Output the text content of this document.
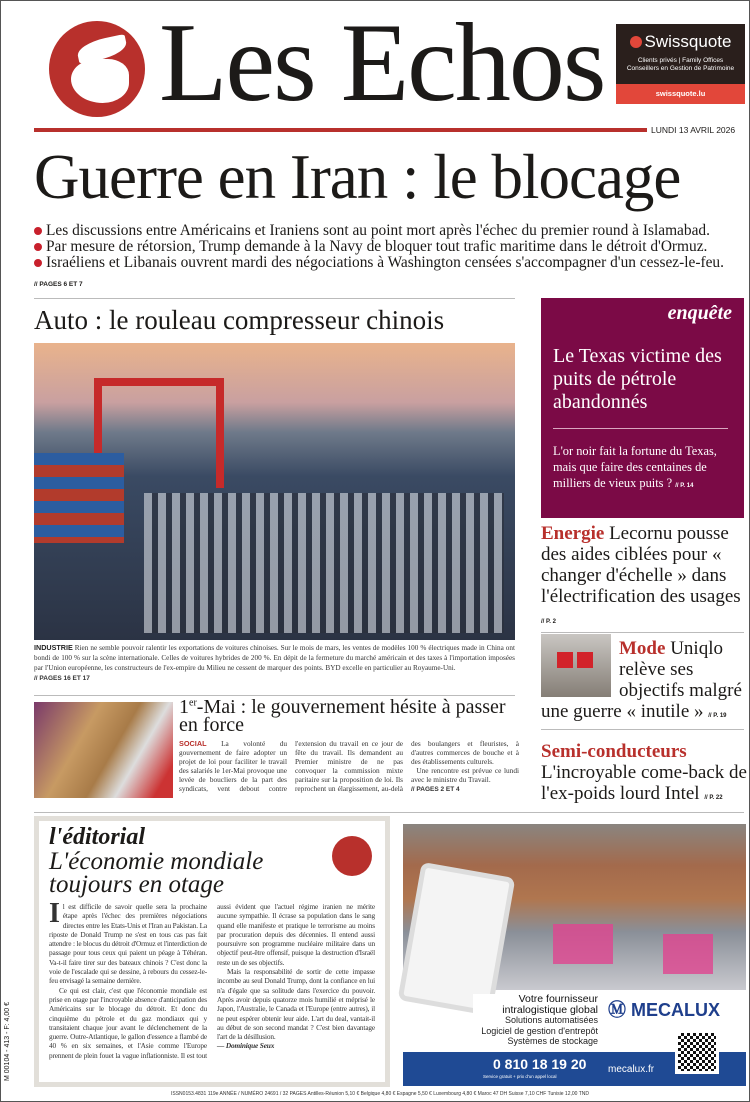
Les Echos	Swissquote
Clients privés | Family Offices
Conseillers en Gestion de Patrimoine
swissquote.lu
LUNDI 13 AVRIL 2026
Guerre en Iran : le blocage
Les discussions entre Américains et Iraniens sont au point mort après l'échec du premier round à Islamabad.
Par mesure de rétorsion, Trump demande à la Navy de bloquer tout trafic maritime dans le détroit d'Ormuz.
Israéliens et Libanais ouvrent mardi des négociations à Washington censées s'accompagner d'un cessez-le-feu.
// PAGES 6 ET 7
Auto : le rouleau compresseur chinois
INDUSTRIE Rien ne semble pouvoir ralentir les exportations de voitures chinoises. Sur le mois de mars, les ventes de modèles 100 % électriques made in China ont bondi de 100 % sur la scène internationale. Celles de voitures hybrides de 200 %. En dépit de la fermeture du marché américain et des taxes à l'importation imposées par l'Union européenne, les constructeurs de l'ex-empire du Milieu ne cessent de marquer des points. BYD excelle en particulier au Royaume-Uni.
// PAGES 16 ET 17
1er-Mai : le gouvernement hésite à passer en force
SOCIAL La volonté du gouvernement de faire adopter un projet de loi pour faciliter le travail des salariés le 1er-Mai provoque une levée de boucliers de la part des syndicats, vent debout contre l'extension du travail en ce jour de fête du travail. Ils demandent au Premier ministre de ne pas convoquer la commission mixte paritaire sur la proposition de loi. Ils reprochent un élargissement, au-delà des boulangers et fleuristes, à d'autres commerces de bouche et à des établissements culturels.
Une rencontre est prévue ce lundi avec le ministre du Travail.
// PAGES 2 ET 4
enquête
Le Texas victime des puits de pétrole abandonnés
L'or noir fait la fortune du Texas, mais que faire des centaines de milliers de vieux puits ? // P. 14
Energie Lecornu pousse des aides ciblées pour « changer d'échelle » dans l'électrification des usages // P. 2
Mode Uniqlo relève ses objectifs malgré une guerre « inutile » // P. 19
Semi-conducteurs
L'incroyable come-back de l'ex-poids lourd Intel // P. 22
l'éditorial
L'économie mondiale toujours en otage

Il est difficile de savoir quelle sera la prochaine étape après l'échec des premières négociations directes entre les Etats-Unis et l'Iran au Pakistan. La riposte de Donald Trump ne s'est en tous cas pas fait attendre : le blocus du détroit d'Ormuz et l'interdiction de passage pour tous ceux qui paient un péage à Téhéran. Va-t-il faire tirer sur des bateaux chinois ? C'est donc la voie de l'escalade qui se dessine, à rebours du cessez-le-feu envisagé la semaine dernière.

Ce qui est clair, c'est que l'économie mondiale est prise en otage par l'incroyable absence d'anticipation des Américains sur le blocage du détroit. Et donc du cinquième du pétrole et du gaz mondiaux qui y transitaient chaque jour avant le déclenchement de la guerre. Outre-Atlantique, le gallon d'essence a flambé de 40 % en six semaines, et l'Asie comme l'Europe prennent de plein fouet la vague inflationniste. Il est tout aussi évident que l'actuel régime iranien ne mérite aucune sympathie. Il écrase sa population dans le sang quand elle manifeste et pratique le terrorisme au moins par procuration depuis des décennies. Il entend aussi poursuivre son programme nucléaire militaire dans un objectif peut-être offensif, puisque la destruction d'Israël reste un de ses objectifs.

Mais la responsabilité de sortir de cette impasse incombe au seul Donald Trump, dont la confiance en lui n'a d'égale que sa solitude dans l'exercice du pouvoir. Après avoir depuis quatorze mois humilié et méprisé le Japon, l'Australie, le Canada et l'Europe (entre autres), il ne peut espérer obtenir leur aide. L'art du deal, vantait-il au début de son second mandat ? C'est bien davantage l'art de la désillusion.

— Dominique Seux

Votre fournisseur
intralogistique global
Solutions automatisées
Logiciel de gestion d'entrepôt
Systèmes de stockage
Ⓜ MECALUX
0 810 18 19 20
Service gratuit + prix d'un appel local
mecalux.fr
M 00104 - 413 - F: 4,00 €
ISSN0153.4831 119e ANNÉE / NUMÉRO 24691 / 32 PAGES Antilles-Réunion 5,10 € Belgique 4,80 € Espagne 5,50 € Luxembourg 4,80 € Maroc 47 DH Suisse 7,10 CHF Tunisie 12,00 TND
